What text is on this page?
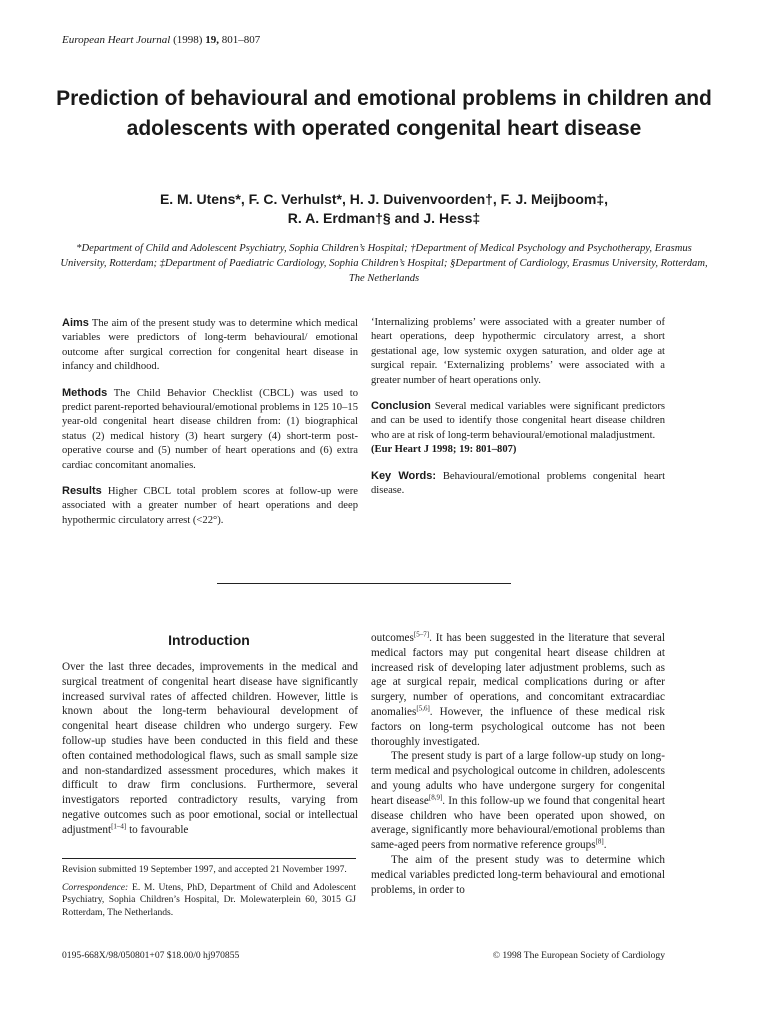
European Heart Journal (1998) 19, 801–807
Prediction of behavioural and emotional problems in children and adolescents with operated congenital heart disease
E. M. Utens*, F. C. Verhulst*, H. J. Duivenvoorden†, F. J. Meijboom‡,
R. A. Erdman†§ and J. Hess‡
*Department of Child and Adolescent Psychiatry, Sophia Children’s Hospital; †Department of Medical Psychology and Psychotherapy, Erasmus University, Rotterdam; ‡Department of Paediatric Cardiology, Sophia Children’s Hospital; §Department of Cardiology, Erasmus University, Rotterdam, The Netherlands

Aims The aim of the present study was to determine which medical variables were predictors of long-term behavioural/ emotional outcome after surgical correction for congenital heart disease in infancy and childhood.

Methods The Child Behavior Checklist (CBCL) was used to predict parent-reported behavioural/emotional problems in 125 10–15 year-old congenital heart disease children from: (1) biographical status (2) medical history (3) heart surgery (4) short-term post-operative course and (5) number of heart operations and (6) extra cardiac concomitant anomalies.

Results Higher CBCL total problem scores at follow-up were associated with a greater number of heart operations and deep hypothermic circulatory arrest (<22°).

‘Internalizing problems’ were associated with a greater number of heart operations, deep hypothermic circulatory arrest, a short gestational age, low systemic oxygen saturation, and older age at surgical repair. ‘Externalizing problems’ were associated with a greater number of heart operations only.

Conclusion Several medical variables were significant predictors and can be used to identify those congenital heart disease children who are at risk of long-term behavioural/emotional maladjustment.

(Eur Heart J 1998; 19: 801–807)

Key Words: Behavioural/emotional problems congenital heart disease.

Introduction

Over the last three decades, improvements in the medical and surgical treatment of congenital heart disease have significantly increased survival rates of affected children. However, little is known about the long-term behavioural development of congenital heart disease children who undergo surgery. Few follow-up studies have been conducted in this field and these often contained methodological flaws, such as small sample size and non-standardized assessment procedures, which makes it difficult to draw firm conclusions. Furthermore, several investigators reported contradictory results, varying from negative outcomes such as poor emotional, social or intellectual adjustment[1–4] to favourable

outcomes[5–7]. It has been suggested in the literature that several medical factors may put congenital heart disease children at increased risk of developing later adjustment problems, such as age at surgical repair, medical complications during or after surgery, number of operations, and concomitant extracardiac anomalies[5,6]. However, the influence of these medical risk factors on long-term psychological outcome has not been thoroughly investigated.

The present study is part of a large follow-up study on long-term medical and psychological outcome in children, adolescents and young adults who have undergone surgery for congenital heart disease[8,9]. In this follow-up we found that congenital heart disease children who have been operated upon showed, on average, significantly more behavioural/emotional problems than same-aged peers from normative reference groups[8].

The aim of the present study was to determine which medical variables predicted long-term behavioural and emotional problems, in order to

Revision submitted 19 September 1997, and accepted 21 November 1997.

Correspondence: E. M. Utens, PhD, Department of Child and Adolescent Psychiatry, Sophia Children’s Hospital, Dr. Molewaterplein 60, 3015 GJ Rotterdam, The Netherlands.

0195-668X/98/050801+07 $18.00/0 hj970855	© 1998 The European Society of Cardiology
